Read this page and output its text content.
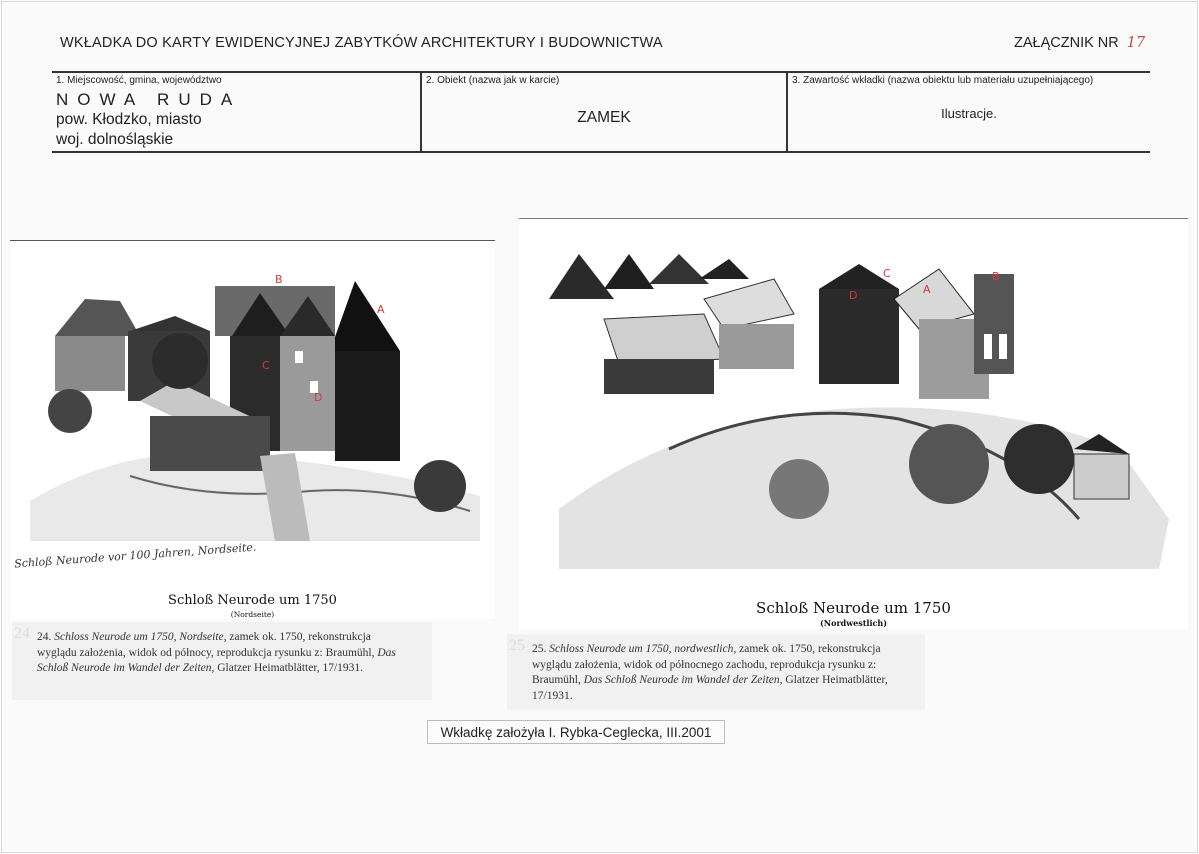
WKŁADKA DO KARTY EWIDENCYJNEJ ZABYTKÓW ARCHITEKTURY I BUDOWNICTWA	ZAŁĄCZNIK NR 17
1. Miejscowość, gmina, województwo
NOWA RUDA
pow. Kłodzko, miasto
woj. dolnośląskie
2. Obiekt (nazwa jak w karcie)
ZAMEK
3. Zawartość wkładki (nazwa obiektu lub materiału uzupełniającego)
Ilustracje.
B
A
C
D
Schloß Neurode vor 100 Jahren, Nordseite.
Schloß Neurode um 1750
(Nordseite)
C	B
D	A
Schloß Neurode um 1750
(Nordwestlich)
24 24. Schloss Neurode um 1750, Nordseite, zamek ok. 1750, rekonstrukcja wyglądu założenia, widok od północy, reprodukcja rysunku z: Braumühl, Das Schloß Neurode im Wandel der Zeiten, Glatzer Heimatblätter, 17/1931.
25 25. Schloss Neurode um 1750, nordwestlich, zamek ok. 1750, rekonstrukcja wyglądu założenia, widok od północnego zachodu, reprodukcja rysunku z: Braumühl, Das Schloß Neurode im Wandel der Zeiten, Glatzer Heimatblätter, 17/1931.
Wkładkę założyła I. Rybka-Ceglecka, III.2001
